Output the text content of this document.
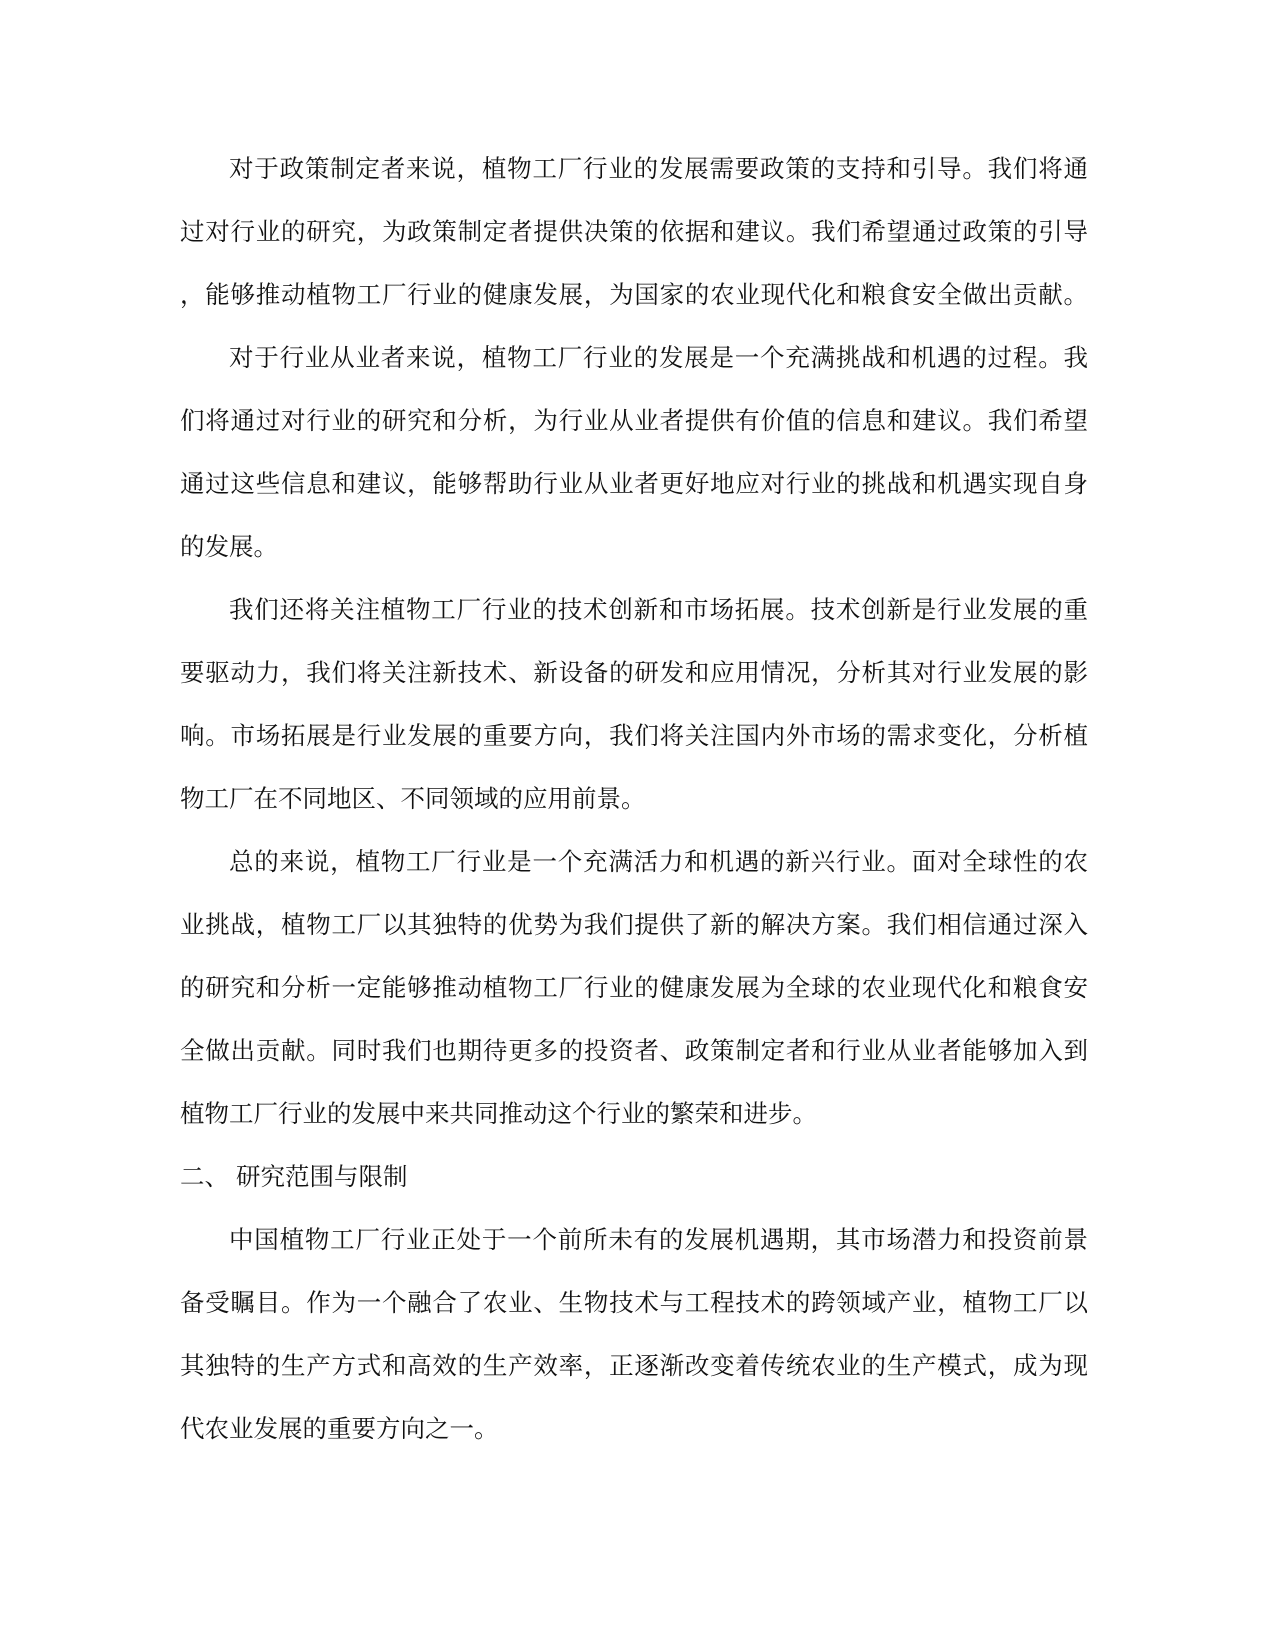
对于政策制定者来说，植物工厂行业的发展需要政策的支持和引导。我们将通
过对行业的研究，为政策制定者提供决策的依据和建议。我们希望通过政策的引导
，能够推动植物工厂行业的健康发展，为国家的农业现代化和粮食安全做出贡献。
对于行业从业者来说，植物工厂行业的发展是一个充满挑战和机遇的过程。我
们将通过对行业的研究和分析，为行业从业者提供有价值的信息和建议。我们希望
通过这些信息和建议，能够帮助行业从业者更好地应对行业的挑战和机遇实现自身
的发展。
我们还将关注植物工厂行业的技术创新和市场拓展。技术创新是行业发展的重
要驱动力，我们将关注新技术、新设备的研发和应用情况，分析其对行业发展的影
响。市场拓展是行业发展的重要方向，我们将关注国内外市场的需求变化，分析植
物工厂在不同地区、不同领域的应用前景。
总的来说，植物工厂行业是一个充满活力和机遇的新兴行业。面对全球性的农
业挑战，植物工厂以其独特的优势为我们提供了新的解决方案。我们相信通过深入
的研究和分析一定能够推动植物工厂行业的健康发展为全球的农业现代化和粮食安
全做出贡献。同时我们也期待更多的投资者、政策制定者和行业从业者能够加入到
植物工厂行业的发展中来共同推动这个行业的繁荣和进步。
二、 研究范围与限制
中国植物工厂行业正处于一个前所未有的发展机遇期，其市场潜力和投资前景
备受瞩目。作为一个融合了农业、生物技术与工程技术的跨领域产业，植物工厂以
其独特的生产方式和高效的生产效率，正逐渐改变着传统农业的生产模式，成为现
代农业发展的重要方向之一。
